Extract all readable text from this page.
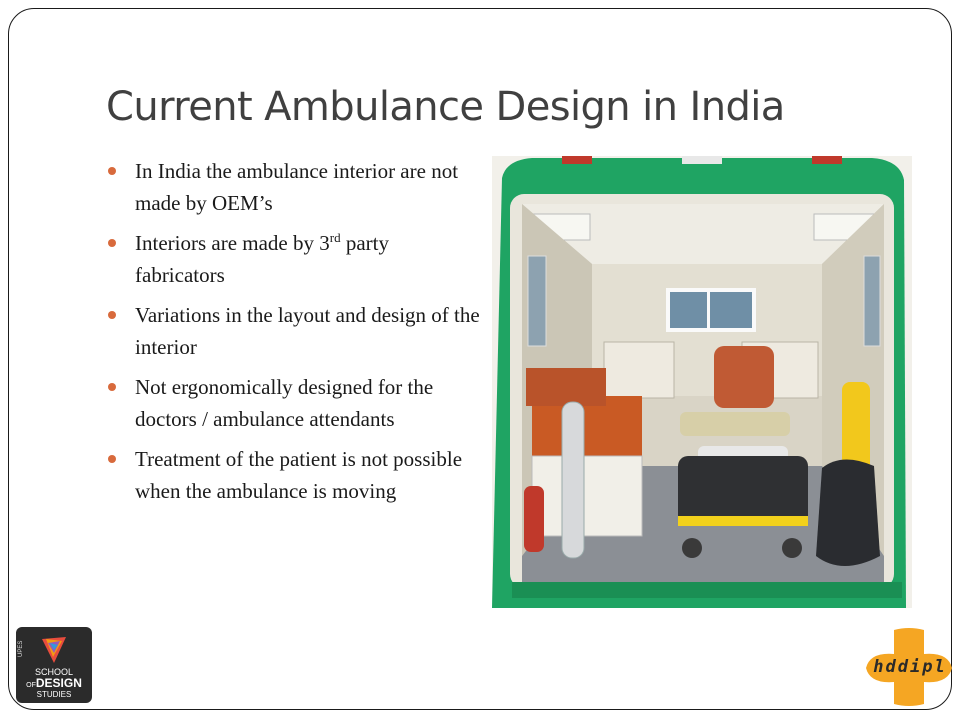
Current Ambulance Design in India
In India the ambulance interior are not made by OEM’s
Interiors are made by 3rd party fabricators
Variations in the layout and design of the interior
Not ergonomically designed for the doctors / ambulance attendants
Treatment of the patient is not possible when the ambulance is moving
UPES
SCHOOL
OFDESIGN
STUDIES
hddipl
